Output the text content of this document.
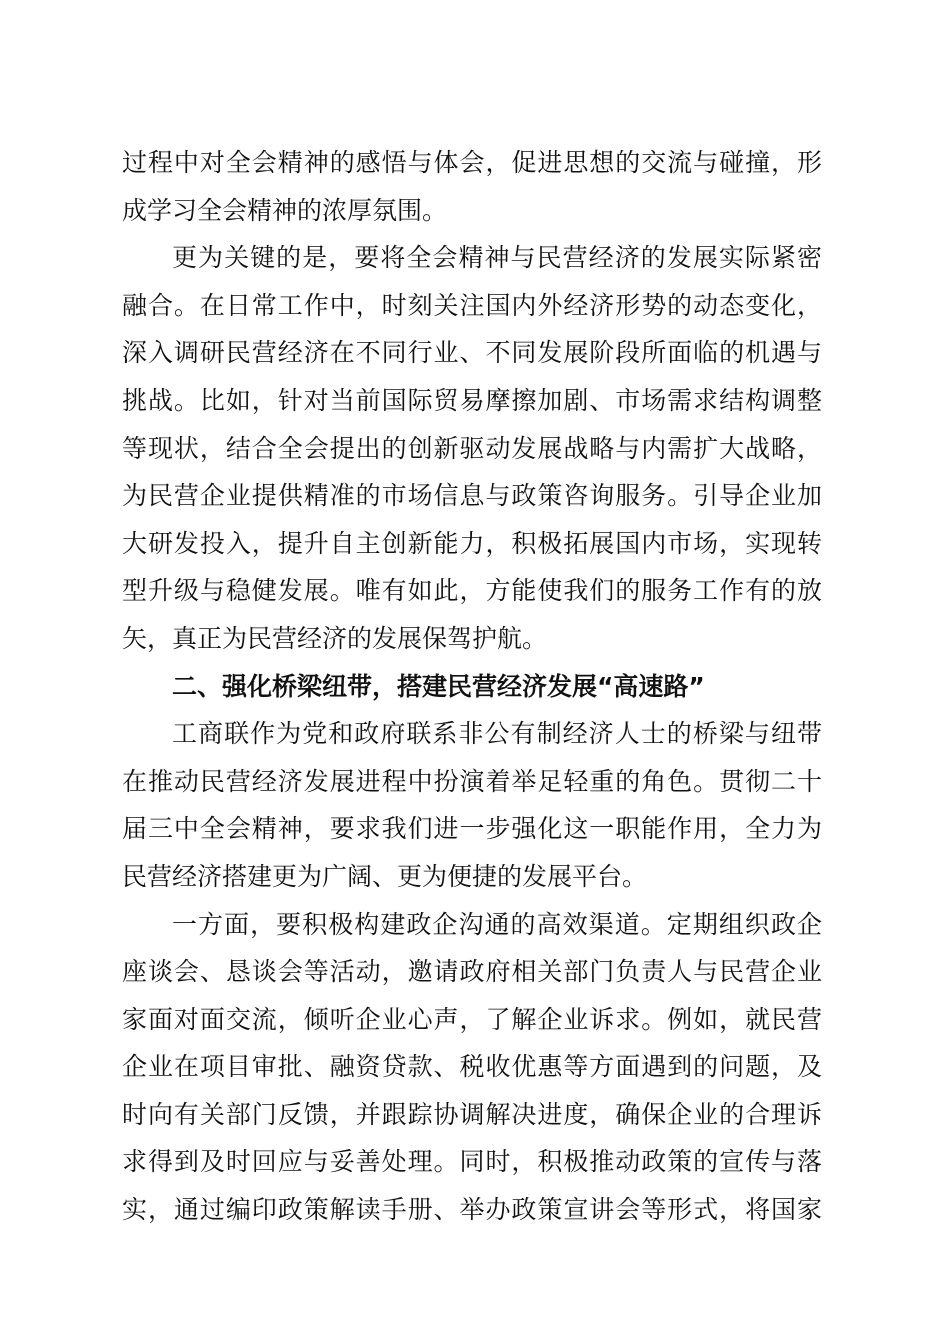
过程中对全会精神的感悟与体会，促进思想的交流与碰撞，形
成学习全会精神的浓厚氛围。
更为关键的是，要将全会精神与民营经济的发展实际紧密
融合。在日常工作中，时刻关注国内外经济形势的动态变化，
深入调研民营经济在不同行业、不同发展阶段所面临的机遇与
挑战。比如，针对当前国际贸易摩擦加剧、市场需求结构调整
等现状，结合全会提出的创新驱动发展战略与内需扩大战略，
为民营企业提供精准的市场信息与政策咨询服务。引导企业加
大研发投入，提升自主创新能力，积极拓展国内市场，实现转
型升级与稳健发展。唯有如此，方能使我们的服务工作有的放
矢，真正为民营经济的发展保驾护航。
二、强化桥梁纽带，搭建民营经济发展“高速路”
工商联作为党和政府联系非公有制经济人士的桥梁与纽带
在推动民营经济发展进程中扮演着举足轻重的角色。贯彻二十
届三中全会精神，要求我们进一步强化这一职能作用，全力为
民营经济搭建更为广阔、更为便捷的发展平台。
一方面，要积极构建政企沟通的高效渠道。定期组织政企
座谈会、恳谈会等活动，邀请政府相关部门负责人与民营企业
家面对面交流，倾听企业心声，了解企业诉求。例如，就民营
企业在项目审批、融资贷款、税收优惠等方面遇到的问题，及
时向有关部门反馈，并跟踪协调解决进度，确保企业的合理诉
求得到及时回应与妥善处理。同时，积极推动政策的宣传与落
实，通过编印政策解读手册、举办政策宣讲会等形式，将国家
